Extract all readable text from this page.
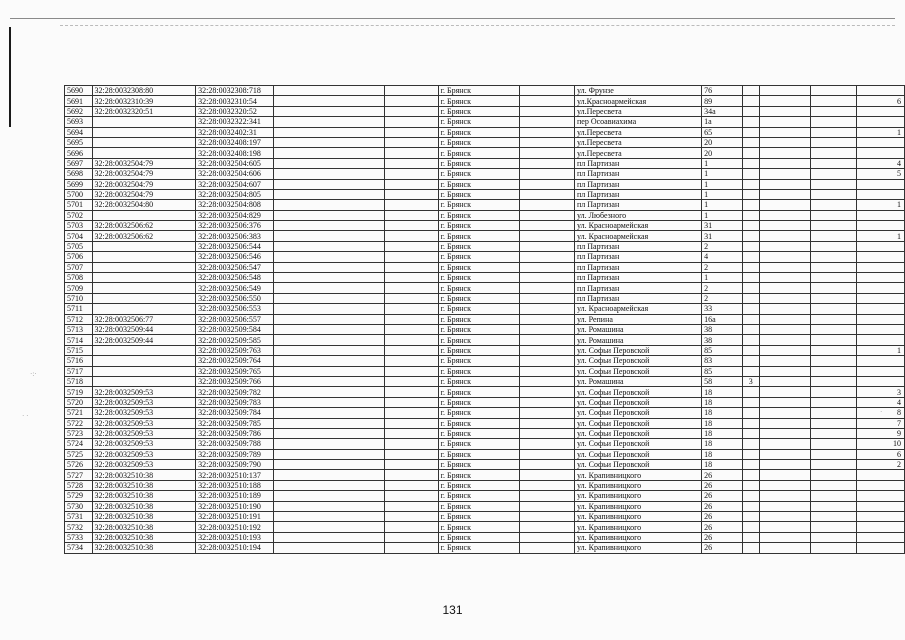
·:·
· ·	·
5690	32:28:0032308:80	32:28:0032308:718			г. Брянск		ул. Фрунзе	76				
5691	32:28:0032310:39	32:28:0032310:54			г. Брянск		ул.Красноармейская	89				6
5692	32:28:0032320:51	32:28:0032320:52			г. Брянск		ул.Пересвета	34а				
5693		32:28:0032322:341			г. Брянск		пер Осоавиахима	1а				
5694		32:28:0032402:31			г. Брянск		ул.Пересвета	65				1
5695		32:28:0032408:197			г. Брянск		ул.Пересвета	20				
5696		32:28:0032408:198			г. Брянск		ул.Пересвета	20				
5697	32:28:0032504:79	32:28:0032504:605			г. Брянск		пл Партизан	1				4
5698	32:28:0032504:79	32:28:0032504:606			г. Брянск		пл Партизан	1				5
5699	32:28:0032504:79	32:28:0032504:607			г. Брянск		пл Партизан	1				
5700	32:28:0032504:79	32:28:0032504:805			г. Брянск		пл Партизан	1				
5701	32:28:0032504:80	32:28:0032504:808			г. Брянск		пл Партизан	1				1
5702		32:28:0032504:829			г. Брянск		ул. Любезного	1				
5703	32:28:0032506:62	32:28:0032506:376			г. Брянск		ул. Красноармейская	31				
5704	32:28:0032506:62	32:28:0032506:383			г. Брянск		ул. Красноармейская	31				1
5705		32:28:0032506:544			г. Брянск		пл Партизан	2				
5706		32:28:0032506:546			г. Брянск		пл Партизан	4				
5707		32:28:0032506:547			г. Брянск		пл Партизан	2				
5708		32:28:0032506:548			г. Брянск		пл Партизан	1				
5709		32:28:0032506:549			г. Брянск		пл Партизан	2				
5710		32:28:0032506:550			г. Брянск		пл Партизан	2				
5711		32:28:0032506:553			г. Брянск		ул. Красноармейская	33				
5712	32:28:0032506:77	32:28:0032506:557			г. Брянск		ул. Репина	16а				
5713	32:28:0032509:44	32:28:0032509:584			г. Брянск		ул. Ромашина	38				
5714	32:28:0032509:44	32:28:0032509:585			г. Брянск		ул. Ромашина	38				
5715		32:28:0032509:763			г. Брянск		ул. Софьи Перовской	85				1
5716		32:28:0032509:764			г. Брянск		ул. Софьи Перовской	83				
5717		32:28:0032509:765			г. Брянск		ул. Софьи Перовской	85				
5718		32:28:0032509:766			г. Брянск		ул. Ромашина	58	3			
5719	32:28:0032509:53	32:28:0032509:782			г. Брянск		ул. Софьи Перовской	18				3
5720	32:28:0032509:53	32:28:0032509:783			г. Брянск		ул. Софьи Перовской	18				4
5721	32:28:0032509:53	32:28:0032509:784			г. Брянск		ул. Софьи Перовской	18				8
5722	32:28:0032509:53	32:28:0032509:785			г. Брянск		ул. Софьи Перовской	18				7
5723	32:28:0032509:53	32:28:0032509:786			г. Брянск		ул. Софьи Перовской	18				9
5724	32:28:0032509:53	32:28:0032509:788			г. Брянск		ул. Софьи Перовской	18				10
5725	32:28:0032509:53	32:28:0032509:789			г. Брянск		ул. Софьи Перовской	18				6
5726	32:28:0032509:53	32:28:0032509:790			г. Брянск		ул. Софьи Перовской	18				2
5727	32:28:0032510:38	32:28:0032510:137			г. Брянск		ул. Крапивницкого	26				
5728	32:28:0032510:38	32:28:0032510:188			г. Брянск		ул. Крапивницкого	26				
5729	32:28:0032510:38	32:28:0032510:189			г. Брянск		ул. Крапивницкого	26				
5730	32:28:0032510:38	32:28:0032510:190			г. Брянск		ул. Крапивницкого	26				
5731	32:28:0032510:38	32:28:0032510:191			г. Брянск		ул. Крапивницкого	26				
5732	32:28:0032510:38	32:28:0032510:192			г. Брянск		ул. Крапивницкого	26				
5733	32:28:0032510:38	32:28:0032510:193			г. Брянск		ул. Крапивницкого	26				
5734	32:28:0032510:38	32:28:0032510:194			г. Брянск		ул. Крапивницкого	26				
131
